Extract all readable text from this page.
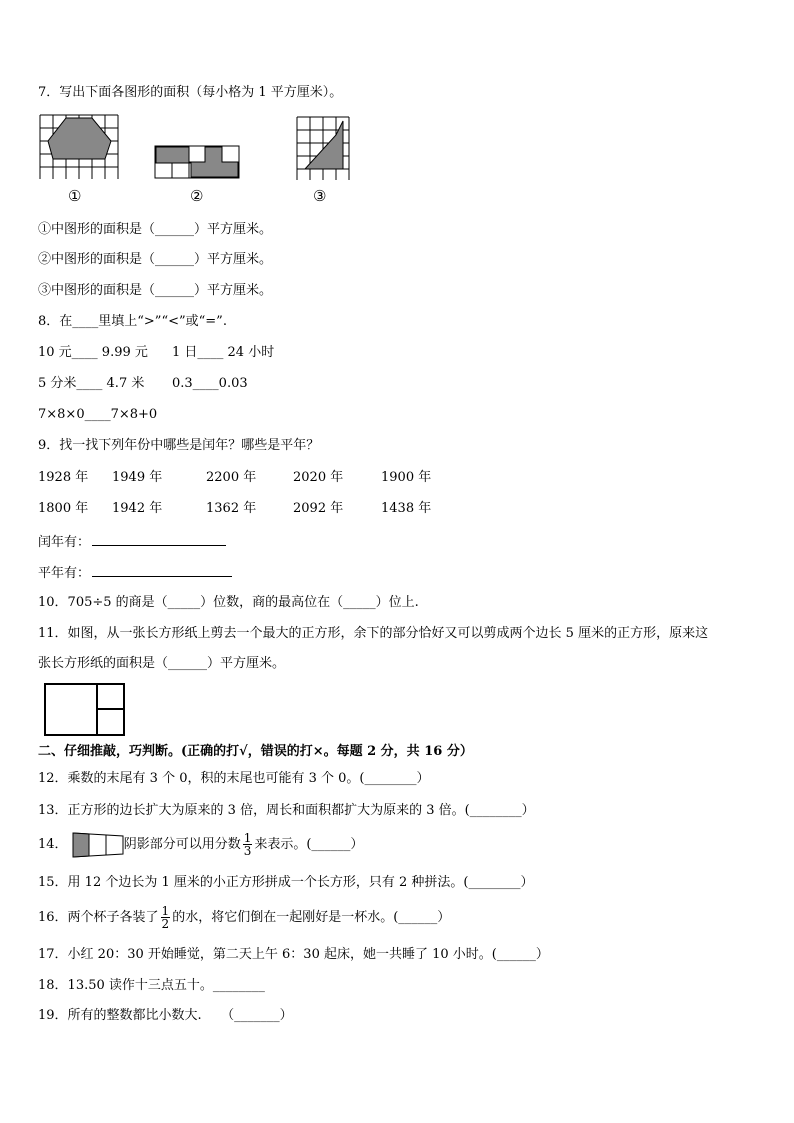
7．写出下面各图形的面积（每小格为 1 平方厘米）。
①	②	③
①中图形的面积是（______）平方厘米。
②中图形的面积是（______）平方厘米。
③中图形的面积是（______）平方厘米。
8．在____里填上“>”“<”或“=”.
10 元____ 9.99 元 1 日____ 24 小时
5 分米____ 4.7 米 0.3____0.03
7×8×0____7×8+0
9．找一找下列年份中哪些是闰年？哪些是平年？
1928 年 1949 年	2200 年	2020 年	1900 年
1800 年 1942 年	1362 年	2092 年	1438 年
闰年有：
平年有：
10．705÷5 的商是（_____）位数，商的最高位在（_____）位上.
11．如图，从一张长方形纸上剪去一个最大的正方形，余下的部分恰好又可以剪成两个边长 5 厘米的正方形，原来这
张长方形纸的面积是（______）平方厘米。
二、仔细推敲，巧判断。(正确的打√，错误的打×。每题 2 分，共 16 分）
12．乘数的末尾有 3 个 0，积的末尾也可能有 3 个 0。(________）
13．正方形的边长扩大为原来的 3 倍，周长和面积都扩大为原来的 3 倍。(________）
14．	阴影部分可以用分数 $\frac{1}{3}$ 来表示。(______）
15．用 12 个边长为 1 厘米的小正方形拼成一个长方形，只有 2 种拼法。(________）
16．两个杯子各装了 $\frac{1}{2}$ 的水，将它们倒在一起刚好是一杯水。(______）
17．小红 20：30 开始睡觉，第二天上午 6：30 起床，她一共睡了 10 小时。(______）
18．13.50 读作十三点五十。________
19．所有的整数都比小数大.　　（_______）
